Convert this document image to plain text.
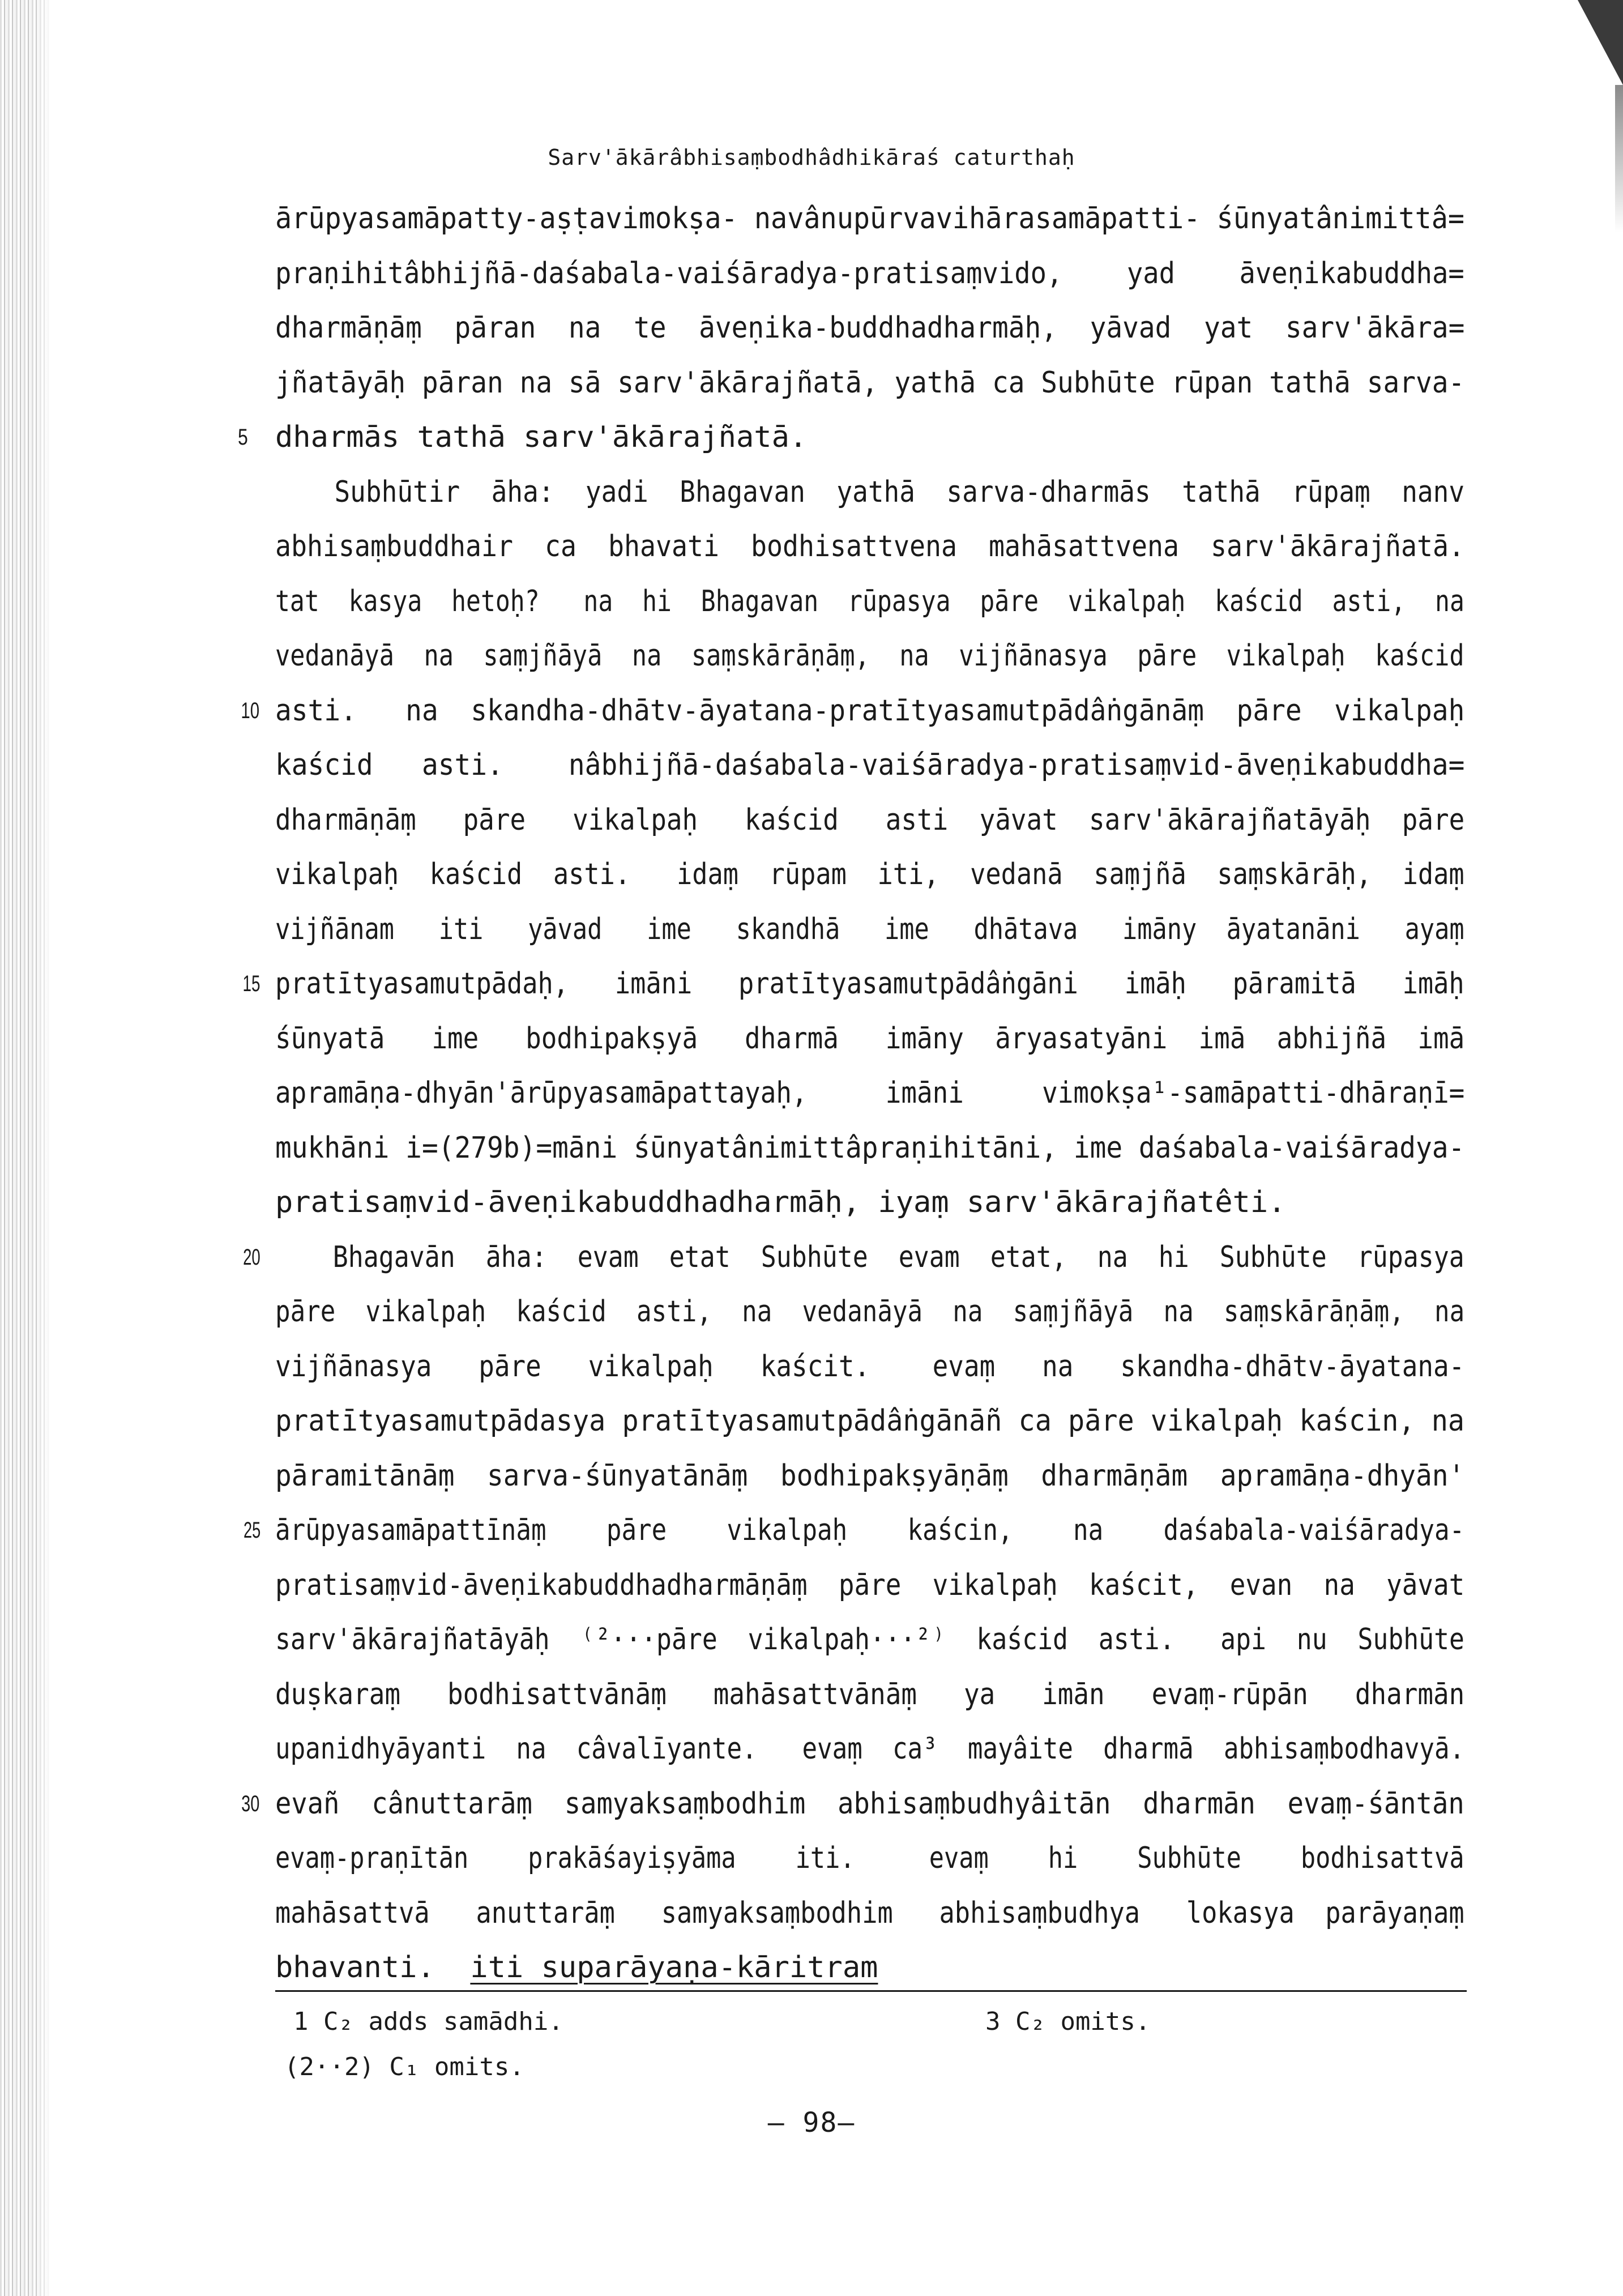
Sarv'ākārâbhisaṃbodhâdhikāraś caturthaḥ
ārūpyasamāpatty-aṣṭavimokṣa- navânupūrvavihārasamāpatti- śūnyatânimittâ=
praṇihitâbhijñā-daśabala-vaiśāradya-pratisaṃvido,    yad    āveṇikabuddha=
dharmāṇāṃ  pāran  na  te  āveṇika-buddhadharmāḥ,  yāvad  yat  sarv'ākāra=
jñatāyāḥ pāran na sā sarv'ākārajñatā, yathā ca Subhūte rūpan tathā sarva-
5 dharmās tathā sarv'ākārajñatā.
Subhūtir  āha:  yadi  Bhagavan  yathā  sarva-dharmās  tathā  rūpaṃ  nanv
abhisaṃbuddhair  ca  bhavati  bodhisattvena  mahāsattvena  sarv'ākārajñatā.
tat  kasya  hetoḥ?   na  hi  Bhagavan  rūpasya  pāre  vikalpaḥ  kaścid  asti,  na
vedanāyā  na  saṃjñāyā  na  saṃskārāṇāṃ,  na  vijñānasya  pāre  vikalpaḥ  kaścid
10 asti.   na  skandha-dhātv-āyatana-pratītyasamutpādâṅgānāṃ  pāre  vikalpaḥ
kaścid   asti.    nâbhijñā-daśabala-vaiśāradya-pratisaṃvid-āveṇikabuddha=
dharmāṇāṃ   pāre   vikalpaḥ   kaścid   asti  yāvat  sarv'ākārajñatāyāḥ  pāre
vikalpaḥ  kaścid  asti.   idaṃ  rūpam  iti,  vedanā  saṃjñā  saṃskārāḥ,  idaṃ
vijñānam   iti   yāvad   ime   skandhā   ime   dhātava   imāny  āyatanāni   ayaṃ
15 pratītyasamutpādaḥ,   imāni   pratītyasamutpādâṅgāni   imāḥ   pāramitā   imāḥ
śūnyatā   ime   bodhipakṣyā   dharmā   imāny  āryasatyāni  imā  abhijñā  imā
apramāṇa-dhyān'ārūpyasamāpattayaḥ,     imāni     vimokṣa¹-samāpatti-dhāraṇī=
mukhāni i=(279b)=māni śūnyatânimittâpraṇihitāni, ime daśabala-vaiśāradya-
pratisaṃvid-āveṇikabuddhadharmāḥ, iyaṃ sarv'ākārajñatêti.
20 Bhagavān  āha:  evam  etat  Subhūte  evam  etat,  na  hi  Subhūte  rūpasya
pāre  vikalpaḥ  kaścid  asti,  na  vedanāyā  na  saṃjñāyā  na  saṃskārāṇāṃ,  na
vijñānasya   pāre   vikalpaḥ   kaścit.    evaṃ   na   skandha-dhātv-āyatana-
pratītyasamutpādasya pratītyasamutpādâṅgānāñ ca pāre vikalpaḥ kaścin, na
pāramitānāṃ  sarva-śūnyatānāṃ  bodhipakṣyāṇāṃ  dharmāṇām  apramāṇa-dhyān'
25 ārūpyasamāpattīnāṃ    pāre    vikalpaḥ    kaścin,    na    daśabala-vaiśāradya-
pratisaṃvid-āveṇikabuddhadharmāṇāṃ  pāre  vikalpaḥ  kaścit,  evan  na  yāvat
sarv'ākārajñatāyāḥ  ⁽²···pāre  vikalpaḥ···²⁾  kaścid  asti.   api  nu  Subhūte
duṣkaraṃ   bodhisattvānāṃ   mahāsattvānāṃ   ya   imān   evaṃ-rūpān   dharmān
upanidhyāyanti  na  câvalīyante.   evaṃ  ca³  mayâite  dharmā  abhisaṃbodhavyā.
30 evañ  cânuttarāṃ  samyaksaṃbodhim  abhisaṃbudhyâitān  dharmān  evaṃ-śāntān
evaṃ-praṇītān    prakāśayiṣyāma    iti.     evaṃ    hi    Subhūte    bodhisattvā
mahāsattvā   anuttarāṃ   samyaksaṃbodhim   abhisaṃbudhya   lokasya  parāyaṇaṃ
bhavanti. iti suparāyaṇa-kāritram
1 C₂ adds samādhi.	3 C₂ omits.
(2··2) C₁ omits.
— 98—
